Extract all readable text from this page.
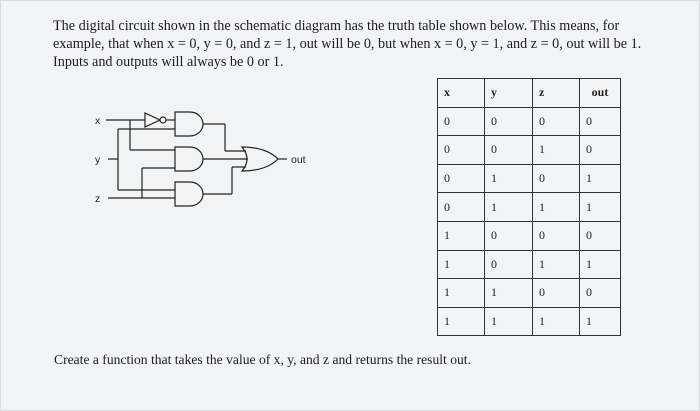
The digital circuit shown in the schematic diagram has the truth table shown below. This means, for
example, that when x = 0, y = 0, and z = 1, out will be 0, but when x = 0, y = 1, and z = 0, out will be 1.
Inputs and outputs will always be 0 or 1.

x
y
z
out
x	y	z	out
0	0	0	0
0	0	1	0
0	1	0	1
0	1	1	1
1	0	0	0
1	0	1	1
1	1	0	0
1	1	1	1

Create a function that takes the value of x, y, and z and returns the result out.
